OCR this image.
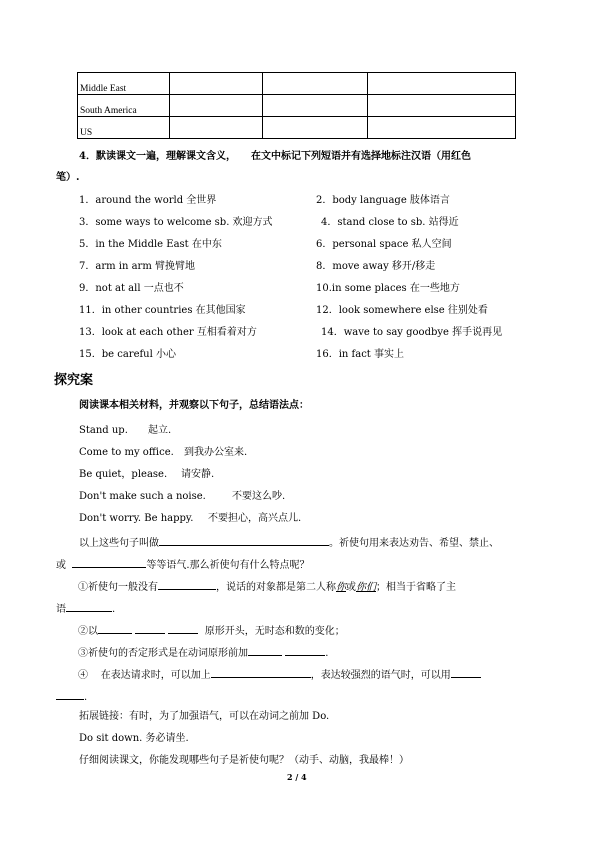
Middle East			
South America			
US			
4．默读课文一遍，理解课文含义，　　在文中标记下列短语并有选择地标注汉语（用红色
笔）.
1．around the world 全世界	2．body language 肢体语言
3．some ways to welcome sb. 欢迎方式	4．stand close to sb. 站得近
5．in the Middle East 在中东	6．personal space 私人空间
7．arm in arm 臂挽臂地	8．move away 移开/移走
9．not at all 一点也不	10.in some places 在一些地方
11．in other countries 在其他国家	12．look somewhere else 往别处看
13．look at each other 互相看着对方	14．wave to say goodbye 挥手说再见
15．be careful 小心	16．in fact 事实上
探究案
阅读课本相关材料，并观察以下句子，总结语法点：
Stand up. 起立.
Come to my office. 到我办公室来.
Be quiet，please. 请安静.
Don't make such a noise.	不要这么吵.
Don't worry. Be happy. 不要担心，高兴点儿.
以上这些句子叫做	。祈使句用来表达劝告、希望、禁止、
或	等等语气.那么祈使句有什么特点呢？
①祈使句一般没有	，说话的对象都是第二人称你或你们；相当于省略了主
语	.
②以	原形开头，无时态和数的变化；
③祈使句的否定形式是在动词原形前加	.
④ 在表达请求时，可以加上	，表达较强烈的语气时，可以用
.
拓展链接：有时，为了加强语气，可以在动词之前加 Do.
Do sit down. 务必请坐.
仔细阅读课文，你能发现哪些句子是祈使句呢？（动手、动脑，我最棒！）
2 / 4
